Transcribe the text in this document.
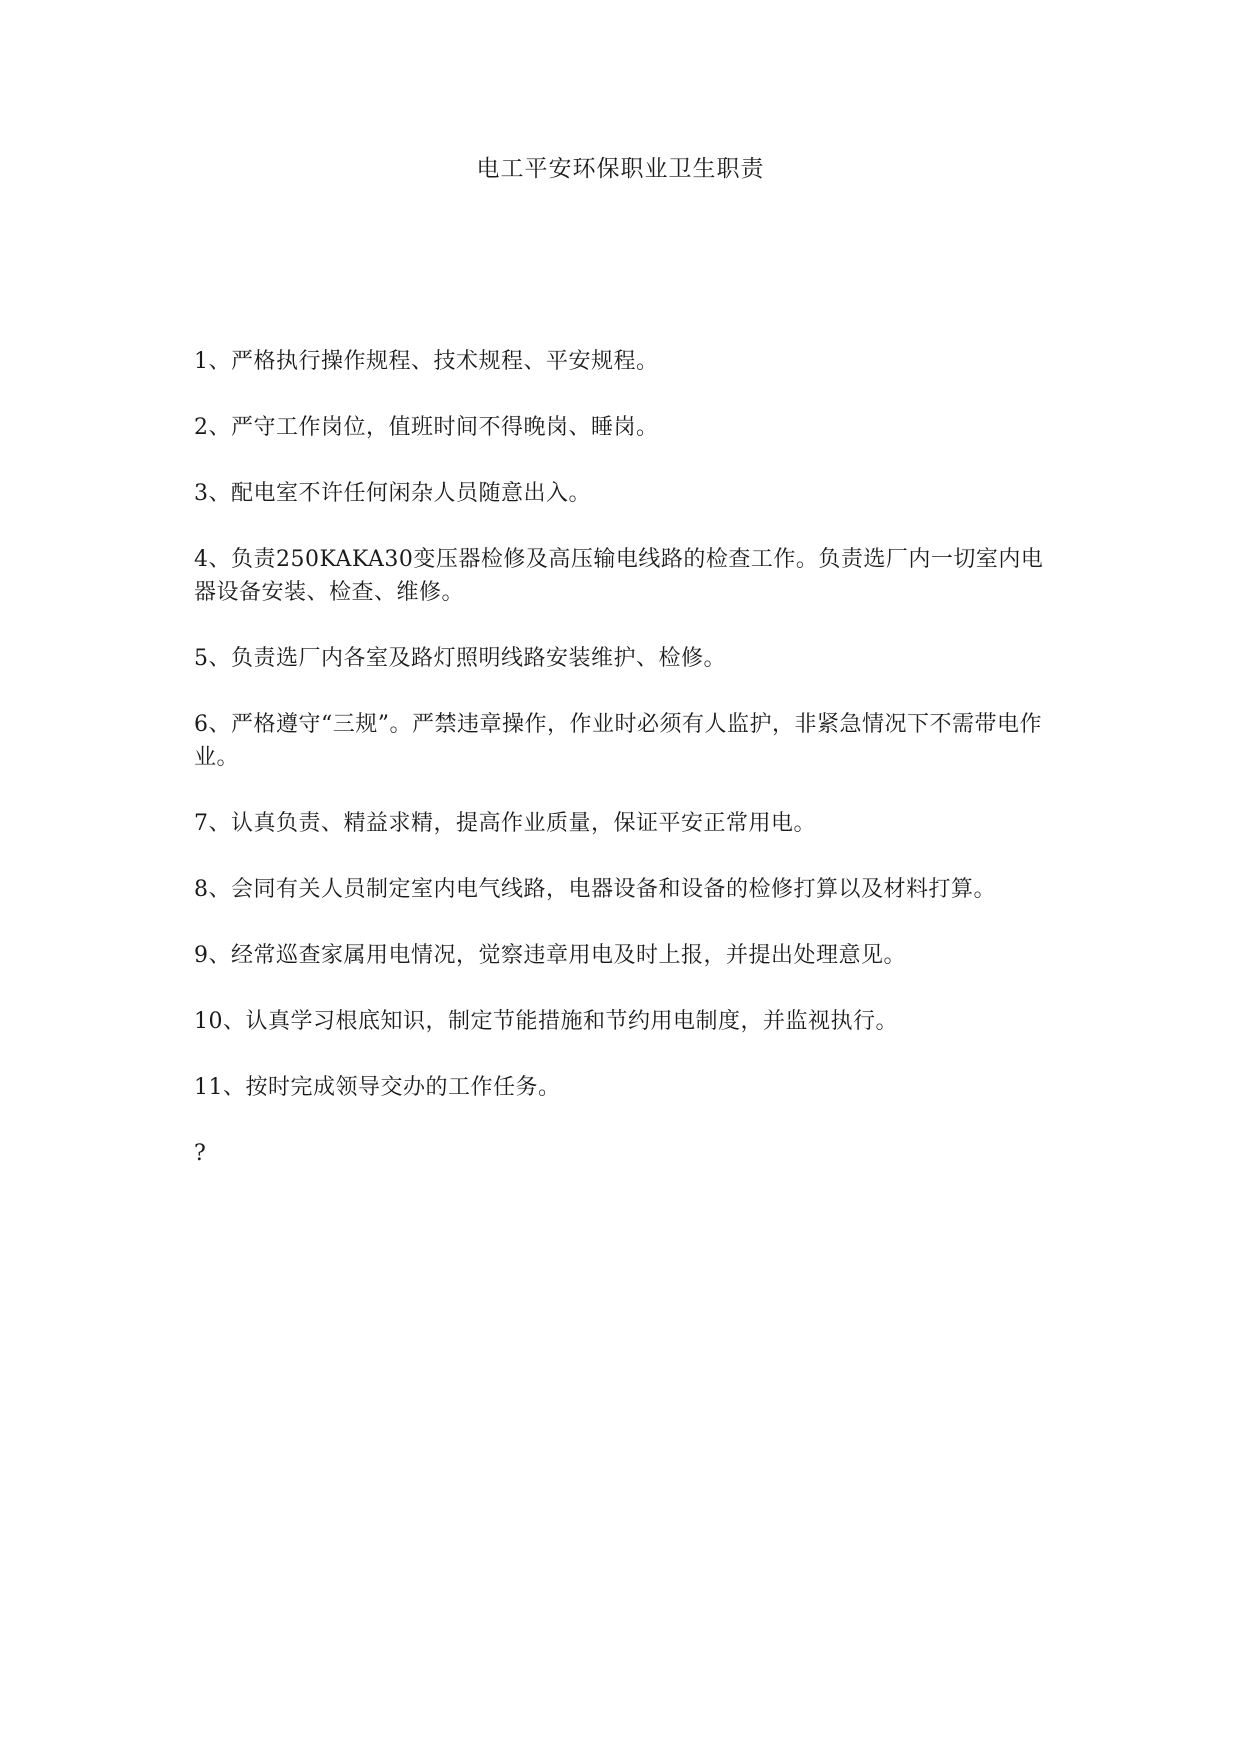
电工平安环保职业卫生职责

1、严格执行操作规程、技术规程、平安规程。

2、严守工作岗位，值班时间不得晚岗、睡岗。

3、配电室不许任何闲杂人员随意出入。

4、负责250KAKA30变压器检修及高压输电线路的检查工作。负责选厂内一切室内电器设备安装、检查、维修。

5、负责选厂内各室及路灯照明线路安装维护、检修。

6、严格遵守“三规”。严禁违章操作，作业时必须有人监护，非紧急情况下不需带电作业。

7、认真负责、精益求精，提高作业质量，保证平安正常用电。

8、会同有关人员制定室内电气线路，电器设备和设备的检修打算以及材料打算。

9、经常巡查家属用电情况，觉察违章用电及时上报，并提出处理意见。

10、认真学习根底知识，制定节能措施和节约用电制度，并监视执行。

11、按时完成领导交办的工作任务。

?
